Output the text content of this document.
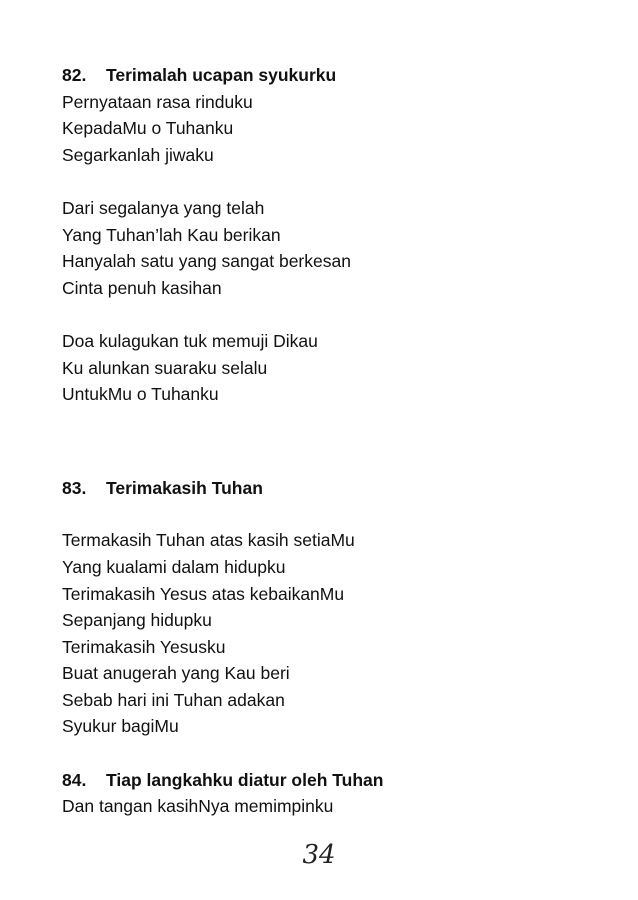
82. Terimalah ucapan syukurku
Pernyataan rasa rinduku
KepadaMu o Tuhanku
Segarkanlah jiwaku
Dari segalanya yang telah
Yang Tuhan’lah Kau berikan
Hanyalah satu yang sangat berkesan
Cinta penuh kasihan
Doa kulagukan tuk memuji Dikau
Ku alunkan suaraku selalu
UntukMu o Tuhanku
83. Terimakasih Tuhan
Termakasih Tuhan atas kasih setiaMu
Yang kualami dalam hidupku
Terimakasih Yesus atas kebaikanMu
Sepanjang hidupku
Terimakasih Yesusku
Buat anugerah yang Kau beri
Sebab hari ini Tuhan adakan
Syukur bagiMu
84. Tiap langkahku diatur oleh Tuhan
Dan tangan kasihNya memimpinku
34
